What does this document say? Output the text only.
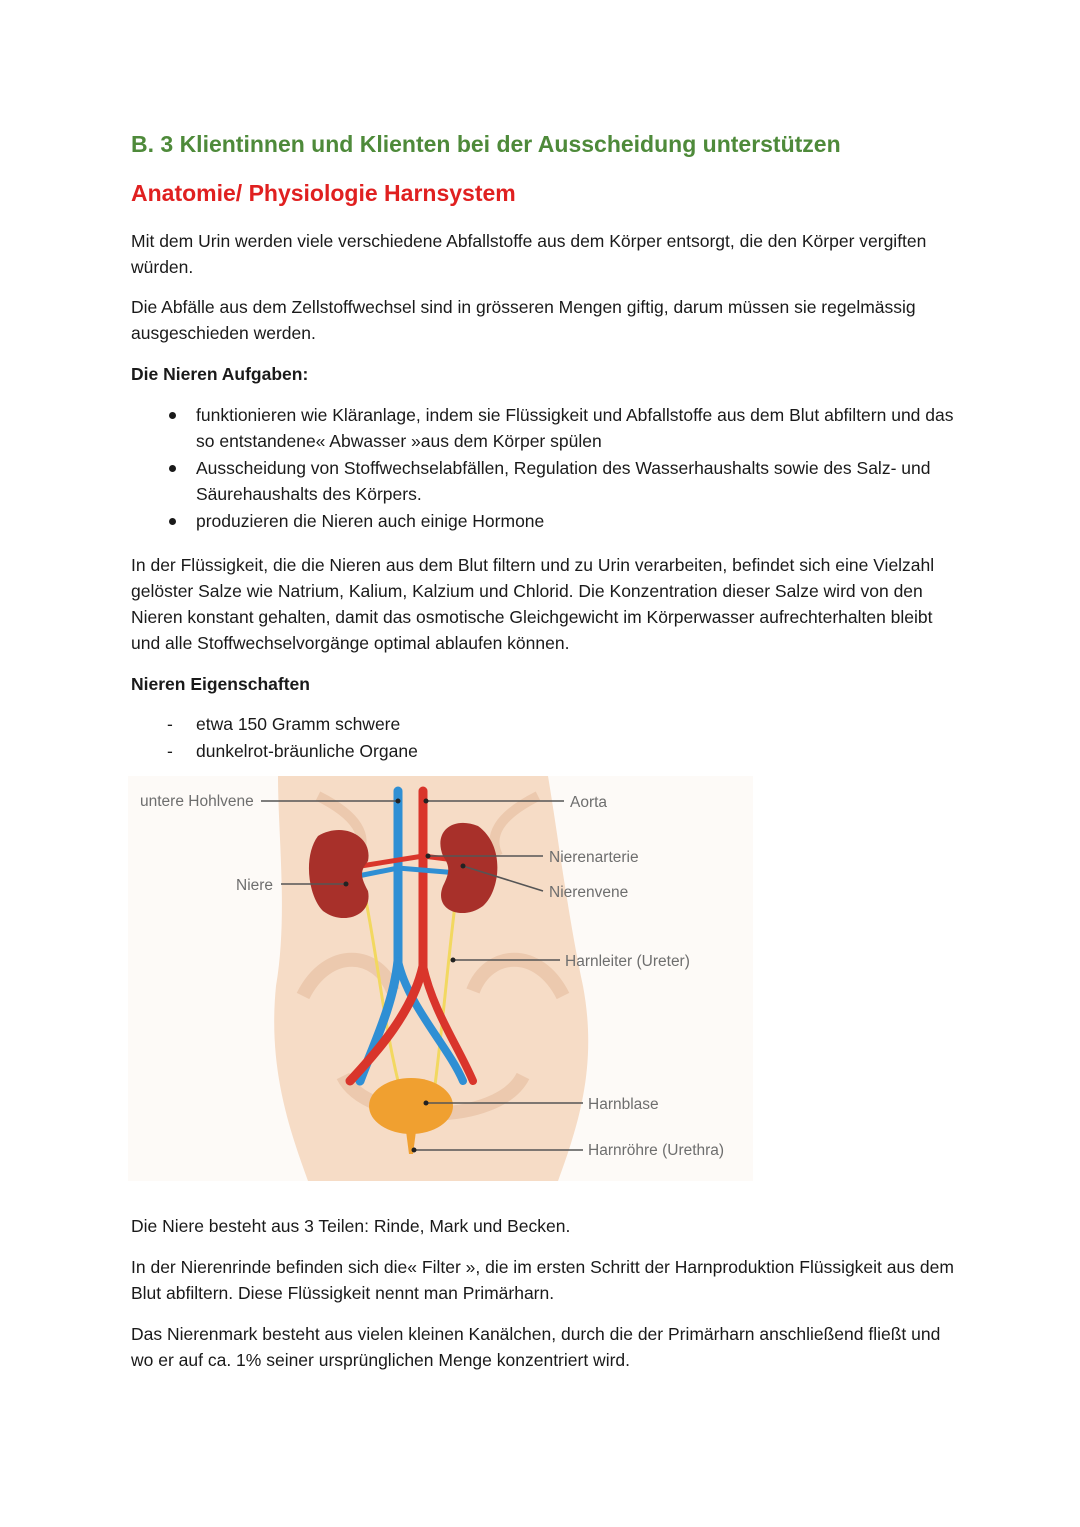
B. 3 Klientinnen und Klienten bei der Ausscheidung unterstützen
Anatomie/ Physiologie Harnsystem

Mit dem Urin werden viele verschiedene Abfallstoffe aus dem Körper entsorgt, die den Körper vergiften würden.

Die Abfälle aus dem Zellstoffwechsel sind in grösseren Mengen giftig, darum müssen sie regelmässig ausgeschieden werden.

Die Nieren Aufgaben:

funktionieren wie Kläranlage, indem sie Flüssigkeit und Abfallstoffe aus dem Blut abfiltern und das so entstandene« Abwasser »aus dem Körper spülen
Ausscheidung von Stoffwechselabfällen, Regulation des Wasserhaushalts sowie des Salz- und Säurehaushalts des Körpers.
produzieren die Nieren auch einige Hormone

In der Flüssigkeit, die die Nieren aus dem Blut filtern und zu Urin verarbeiten, befindet sich eine Vielzahl gelöster Salze wie Natrium, Kalium, Kalzium und Chlorid. Die Konzentration dieser Salze wird von den Nieren konstant gehalten, damit das osmotische Gleichgewicht im Körperwasser aufrechterhalten bleibt und alle Stoffwechselvorgänge optimal ablaufen können.

Nieren Eigenschaften

- etwa 150 Gramm schwere
- dunkelrot-bräunliche Organe

Die Niere besteht aus 3 Teilen: Rinde, Mark und Becken.

In der Nierenrinde befinden sich die« Filter », die im ersten Schritt der Harnproduktion Flüssigkeit aus dem Blut abfiltern. Diese Flüssigkeit nennt man Primärharn.

Das Nierenmark besteht aus vielen kleinen Kanälchen, durch die der Primärharn anschließend fließt und wo er auf ca. 1% seiner ursprünglichen Menge konzentriert wird.

untere Hohlvene
Niere
Aorta
Nierenarterie
Nierenvene
Harnleiter (Ureter)
Harnblase
Harnröhre (Urethra)
